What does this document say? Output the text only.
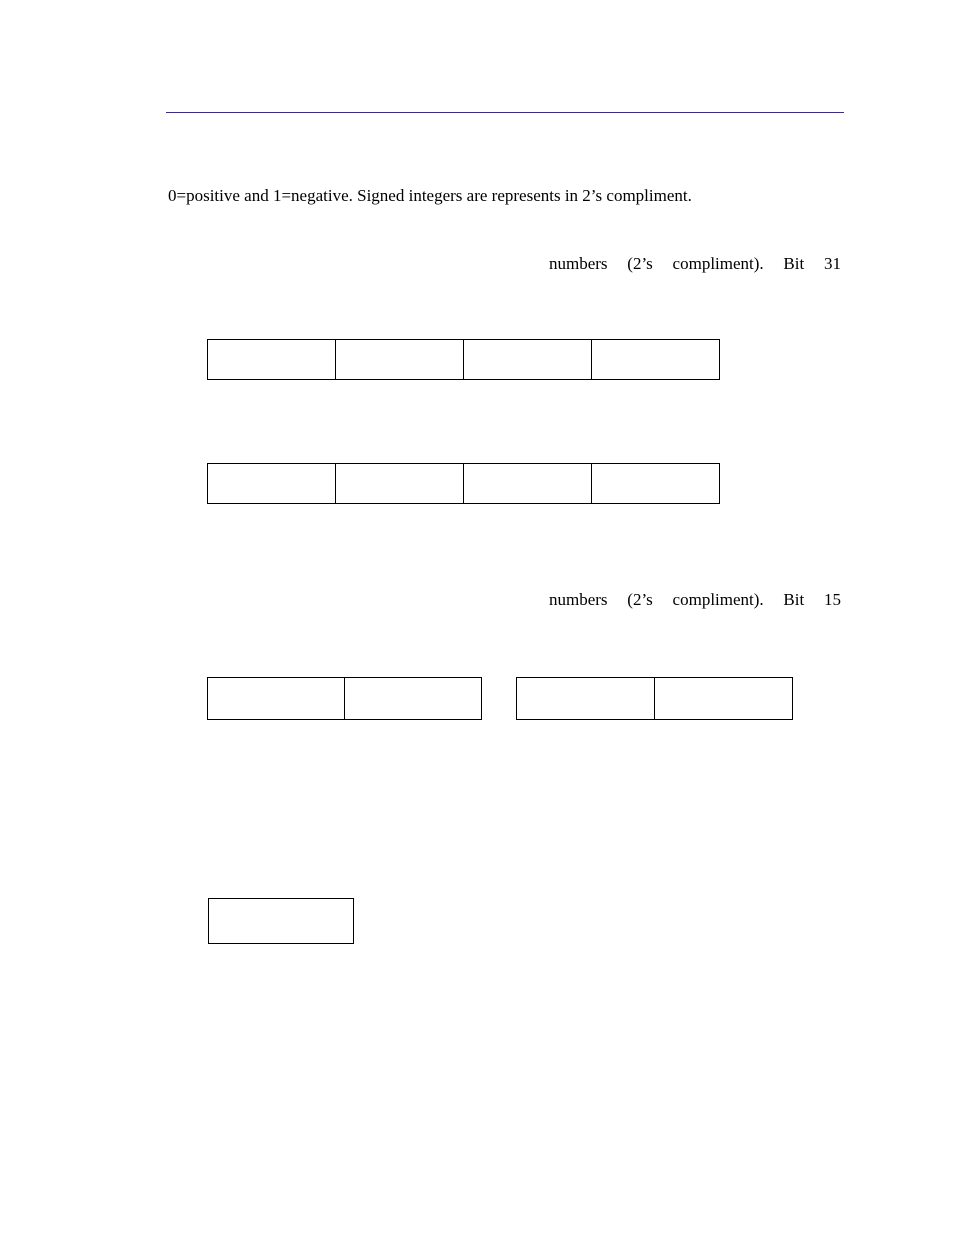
0=positive and 1=negative. Signed integers are represents in 2’s compliment.
numbers (2’s compliment). Bit 31
numbers (2’s compliment). Bit 15
